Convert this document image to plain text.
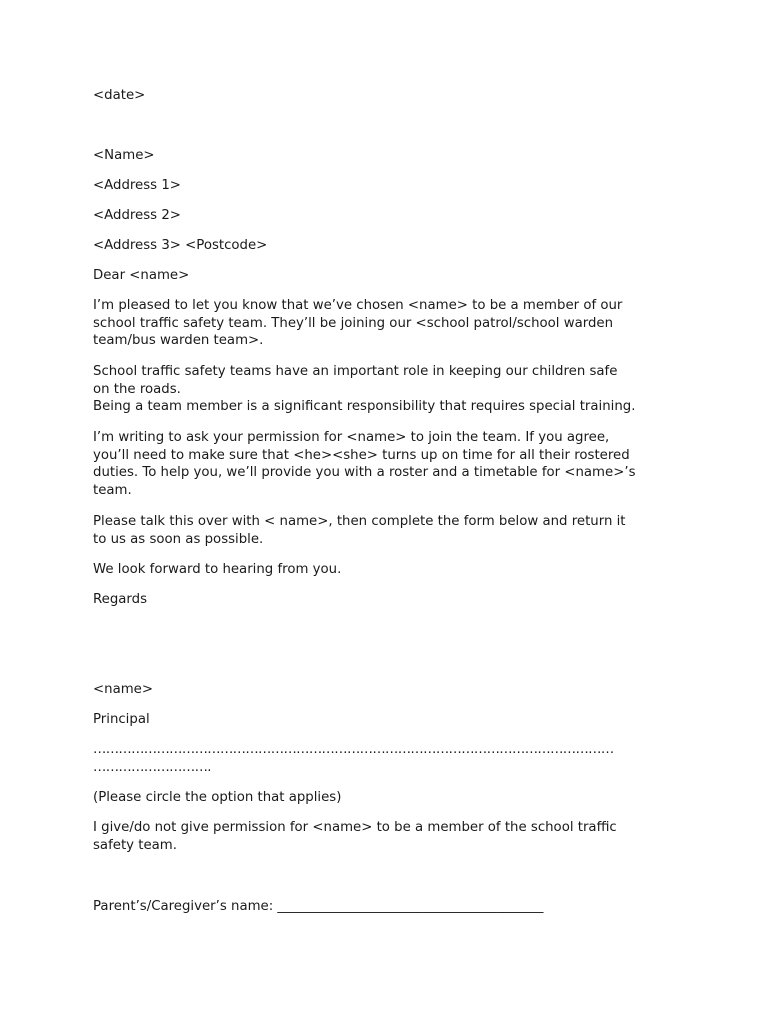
<date>

<Name>

<Address 1>

<Address 2>

<Address 3> <Postcode>

Dear <name>

I’m pleased to let you know that we’ve chosen <name> to be a member of our
school traffic safety team. They’ll be joining our <school patrol/school warden
team/bus warden team>.
School traffic safety teams have an important role in keeping our children safe
on the roads.
Being a team member is a significant responsibility that requires special training.
I’m writing to ask your permission for <name> to join the team. If you agree,
you’ll need to make sure that <he><she> turns up on time for all their rostered
duties. To help you, we’ll provide you with a roster and a timetable for <name>’s
team.
Please talk this over with < name>, then complete the form below and return it
to us as soon as possible.

We look forward to hearing from you.

Regards

<name>

Principal

……………………………………………………………………………………………………………

……………………….

(Please circle the option that applies)

I give/do not give permission for <name> to be a member of the school traffic
safety team.

Parent’s/Caregiver’s name: ________________________________________
